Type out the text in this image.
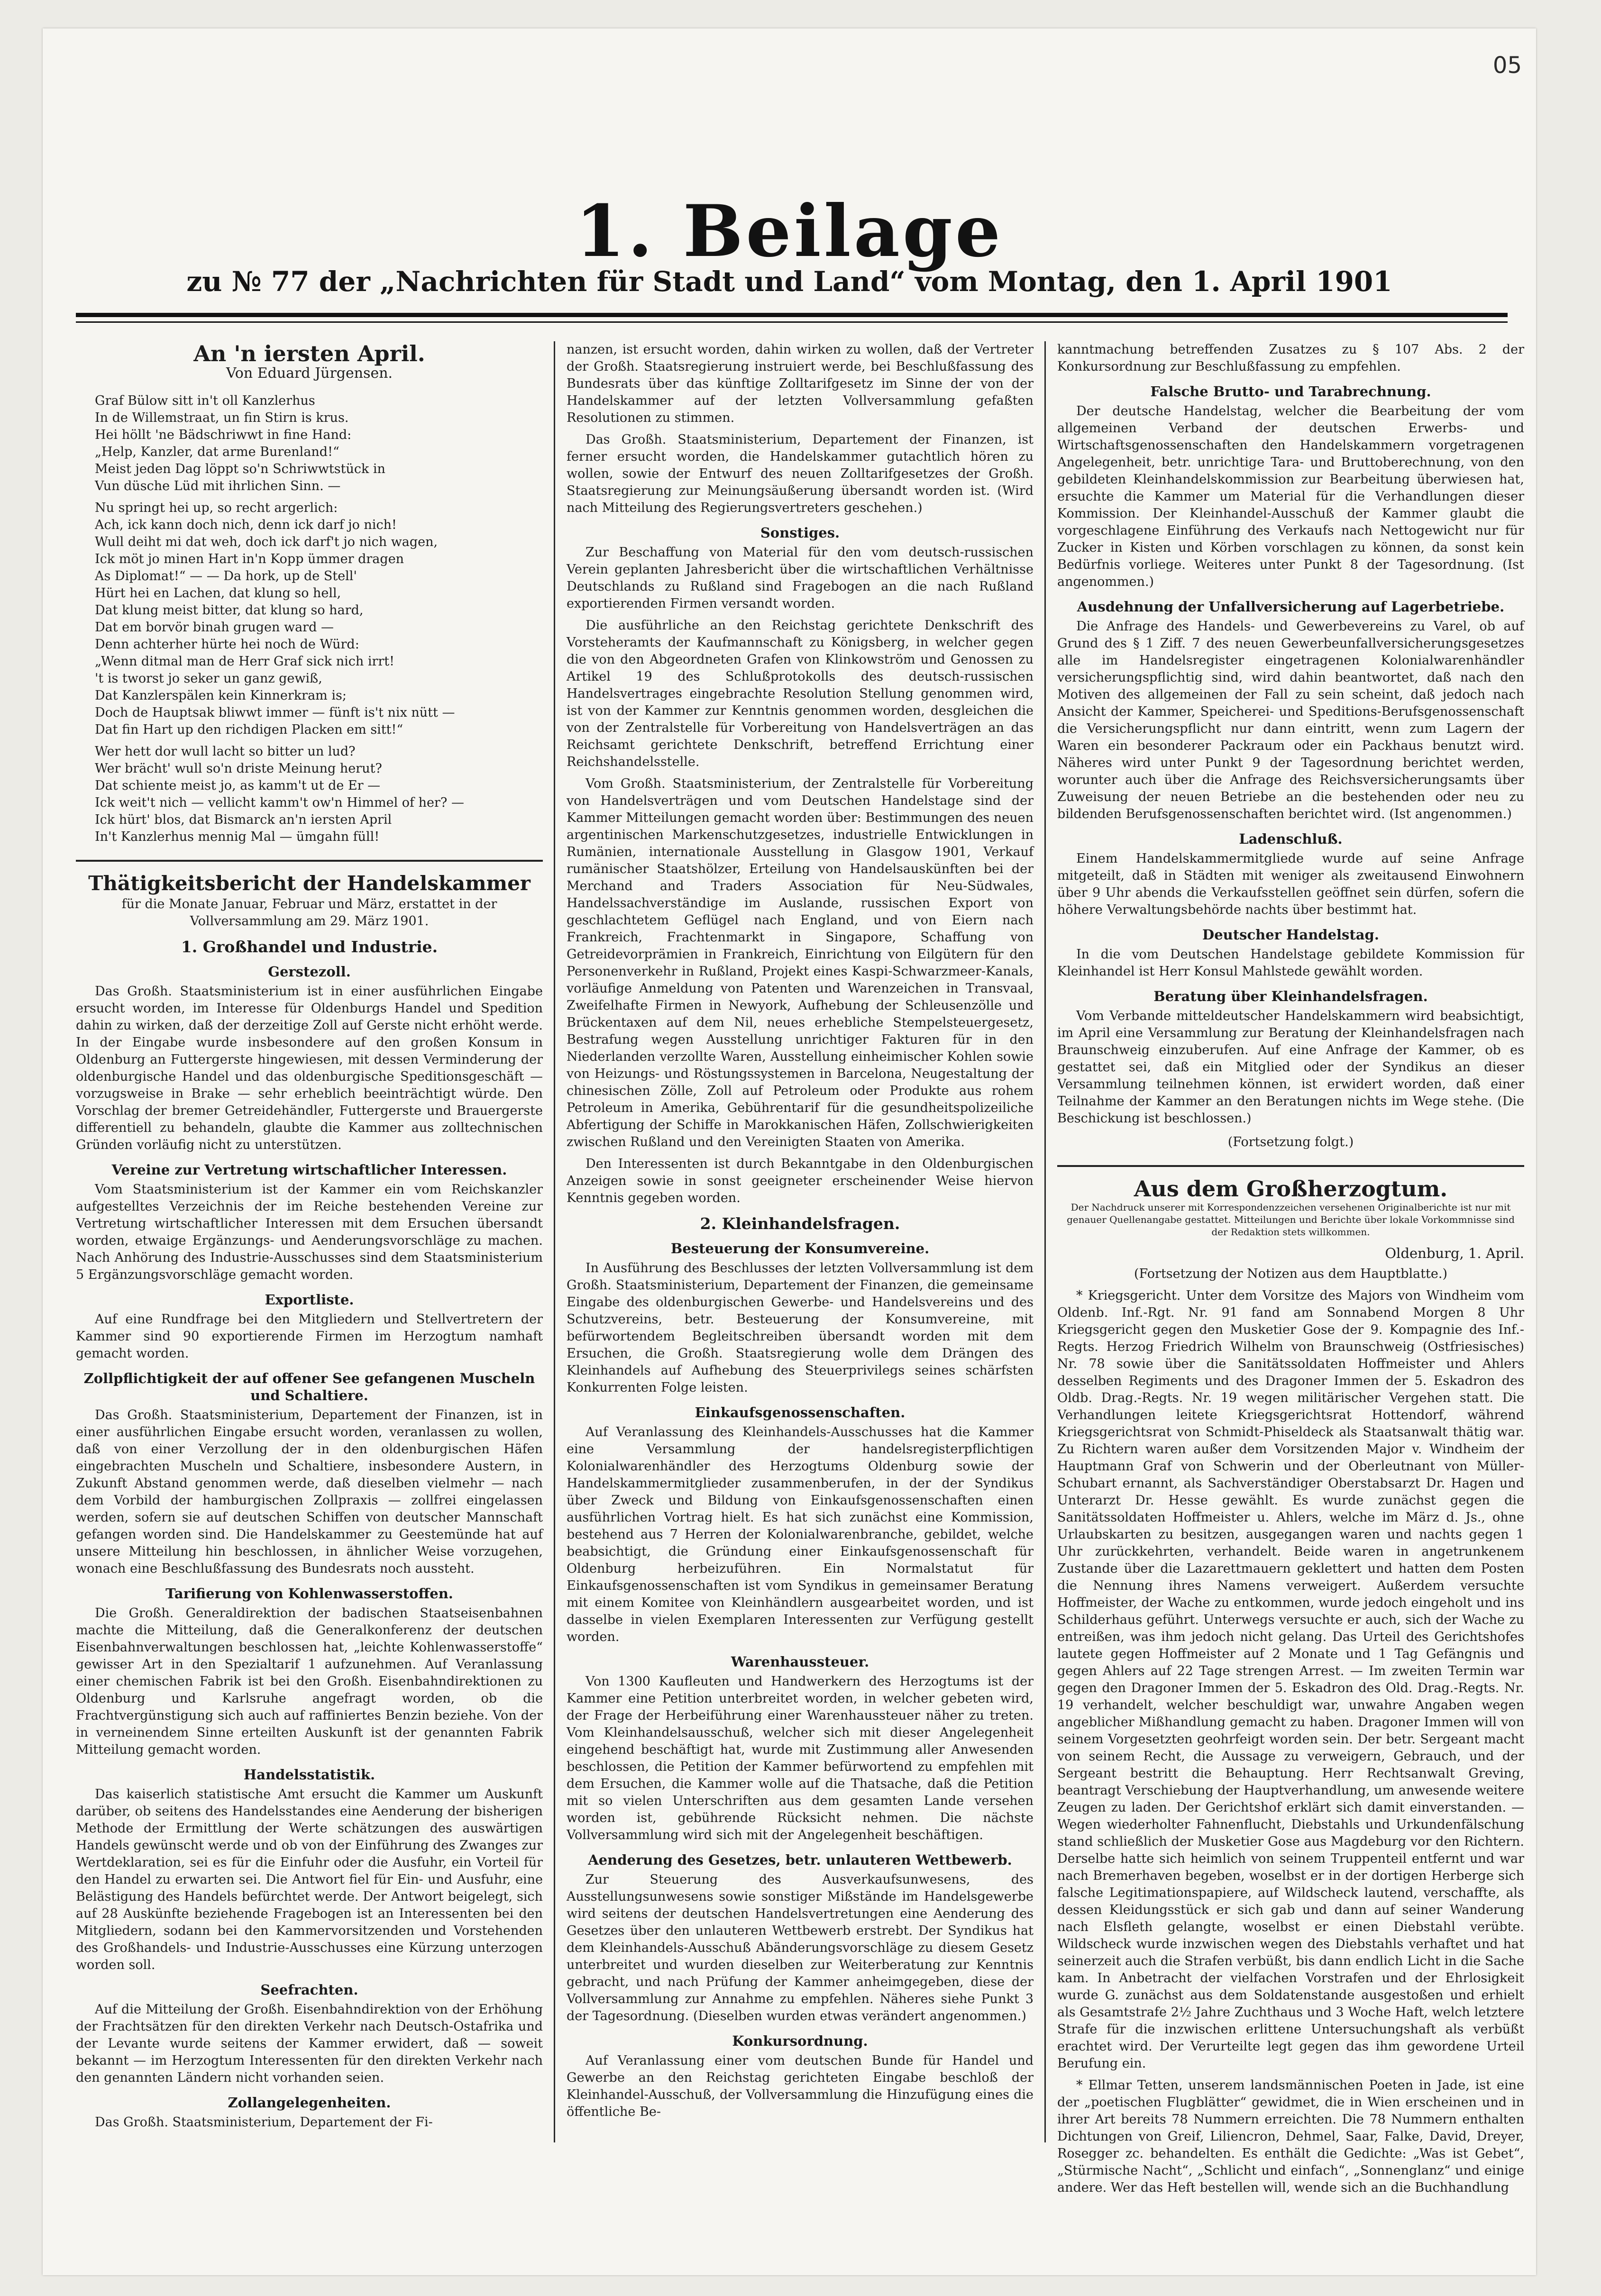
05
1. Beilage
zu № 77 der „Nachrichten für Stadt und Land“ vom Montag, den 1. April 1901
An 'n iersten April.
Von Eduard Jürgensen.

Graf Bülow sitt in't oll Kanzlerhus
In de Willemstraat, un fin Stirn is krus.
Hei höllt 'ne Bädschriwwt in fine Hand:
„Help, Kanzler, dat arme Burenland!“
Meist jeden Dag löppt so'n Schriwwtstück in
Vun düsche Lüd mit ihrlichen Sinn. —

Nu springt hei up, so recht argerlich:
Ach, ick kann doch nich, denn ick darf jo nich!
Wull deiht mi dat weh, doch ick darf't jo nich wagen,
Ick möt jo minen Hart in'n Kopp ümmer dragen
As Diplomat!“ — — Da hork, up de Stell'
Hürt hei en Lachen, dat klung so hell,
Dat klung meist bitter, dat klung so hard,
Dat em borvör binah grugen ward —
Denn achterher hürte hei noch de Würd:
„Wenn ditmal man de Herr Graf sick nich irrt!
't is tworst jo seker un ganz gewiß,
Dat Kanzlerspälen kein Kinnerkram is;
Doch de Hauptsak bliwwt immer — fünft is't nix nütt —
Dat fin Hart up den richdigen Placken em sitt!“

Wer hett dor wull lacht so bitter un lud?
Wer brächt' wull so'n driste Meinung herut?
Dat schiente meist jo, as kamm't ut de Er —
Ick weit't nich — vellicht kamm't ow'n Himmel of her? —
Ick hürt' blos, dat Bismarck an'n iersten April
In't Kanzlerhus mennig Mal — ümgahn füll!

Thätigkeitsbericht der Handelskammer
für die Monate Januar, Februar und März, erstattet in der Vollversammlung am 29. März 1901.
1. Großhandel und Industrie.
Gerstezoll.

Das Großh. Staatsministerium ist in einer ausführlichen Eingabe ersucht worden, im Interesse für Oldenburgs Handel und Spedition dahin zu wirken, daß der derzeitige Zoll auf Gerste nicht erhöht werde. In der Eingabe wurde insbesondere auf den großen Konsum in Oldenburg an Futtergerste hingewiesen, mit dessen Verminderung der oldenburgische Handel und das oldenburgische Speditionsgeschäft — vorzugsweise in Brake — sehr erheblich beeinträchtigt würde. Den Vorschlag der bremer Getreidehändler, Futtergerste und Brauergerste differentiell zu behandeln, glaubte die Kammer aus zolltechnischen Gründen vorläufig nicht zu unterstützen.

Vereine zur Vertretung wirtschaftlicher Interessen.

Vom Staatsministerium ist der Kammer ein vom Reichskanzler aufgestelltes Verzeichnis der im Reiche bestehenden Vereine zur Vertretung wirtschaftlicher Interessen mit dem Ersuchen übersandt worden, etwaige Ergänzungs- und Aenderungsvorschläge zu machen. Nach Anhörung des Industrie-Ausschusses sind dem Staatsministerium 5 Ergänzungsvorschläge gemacht worden.

Exportliste.

Auf eine Rundfrage bei den Mitgliedern und Stellvertretern der Kammer sind 90 exportierende Firmen im Herzogtum namhaft gemacht worden.

Zollpflichtigkeit der auf offener See gefangenen Muscheln und Schaltiere.

Das Großh. Staatsministerium, Departement der Finanzen, ist in einer ausführlichen Eingabe ersucht worden, veranlassen zu wollen, daß von einer Verzollung der in den oldenburgischen Häfen eingebrachten Muscheln und Schaltiere, insbesondere Austern, in Zukunft Abstand genommen werde, daß dieselben vielmehr — nach dem Vorbild der hamburgischen Zollpraxis — zollfrei eingelassen werden, sofern sie auf deutschen Schiffen von deutscher Mannschaft gefangen worden sind. Die Handelskammer zu Geestemünde hat auf unsere Mitteilung hin beschlossen, in ähnlicher Weise vorzugehen, wonach eine Beschlußfassung des Bundesrats noch aussteht.

Tarifierung von Kohlenwasserstoffen.

Die Großh. Generaldirektion der badischen Staatseisenbahnen machte die Mitteilung, daß die Generalkonferenz der deutschen Eisenbahnverwaltungen beschlossen hat, „leichte Kohlenwasserstoffe“ gewisser Art in den Spezialtarif 1 aufzunehmen. Auf Veranlassung einer chemischen Fabrik ist bei den Großh. Eisenbahndirektionen zu Oldenburg und Karlsruhe angefragt worden, ob die Frachtvergünstigung sich auch auf raffiniertes Benzin beziehe. Von der in verneinendem Sinne erteilten Auskunft ist der genannten Fabrik Mitteilung gemacht worden.

Handelsstatistik.

Das kaiserlich statistische Amt ersucht die Kammer um Auskunft darüber, ob seitens des Handelsstandes eine Aenderung der bisherigen Methode der Ermittlung der Werte schätzungen des auswärtigen Handels gewünscht werde und ob von der Einführung des Zwanges zur Wertdeklaration, sei es für die Einfuhr oder die Ausfuhr, ein Vorteil für den Handel zu erwarten sei. Die Antwort fiel für Ein- und Ausfuhr, eine Belästigung des Handels befürchtet werde. Der Antwort beigelegt, sich auf 28 Auskünfte beziehende Fragebogen ist an Interessenten bei den Mitgliedern, sodann bei den Kammervorsitzenden und Vorstehenden des Großhandels- und Industrie-Ausschusses eine Kürzung unterzogen worden soll.

Seefrachten.

Auf die Mitteilung der Großh. Eisenbahndirektion von der Erhöhung der Frachtsätzen für den direkten Verkehr nach Deutsch-Ostafrika und der Levante wurde seitens der Kammer erwidert, daß — soweit bekannt — im Herzogtum Interessenten für den direkten Verkehr nach den genannten Ländern nicht vorhanden seien.

Zollangelegenheiten.

Das Großh. Staatsministerium, Departement der Fi-

nanzen, ist ersucht worden, dahin wirken zu wollen, daß der Vertreter der Großh. Staatsregierung instruiert werde, bei Beschlußfassung des Bundesrats über das künftige Zolltarifgesetz im Sinne der von der Handelskammer auf der letzten Vollversammlung gefaßten Resolutionen zu stimmen.

Das Großh. Staatsministerium, Departement der Finanzen, ist ferner ersucht worden, die Handelskammer gutachtlich hören zu wollen, sowie der Entwurf des neuen Zolltarifgesetzes der Großh. Staatsregierung zur Meinungsäußerung übersandt worden ist. (Wird nach Mitteilung des Regierungsvertreters geschehen.)

Sonstiges.

Zur Beschaffung von Material für den vom deutsch-russischen Verein geplanten Jahresbericht über die wirtschaftlichen Verhältnisse Deutschlands zu Rußland sind Fragebogen an die nach Rußland exportierenden Firmen versandt worden.

Die ausführliche an den Reichstag gerichtete Denkschrift des Vorsteheramts der Kaufmannschaft zu Königsberg, in welcher gegen die von den Abgeordneten Grafen von Klinkowström und Genossen zu Artikel 19 des Schlußprotokolls des deutsch-russischen Handelsvertrages eingebrachte Resolution Stellung genommen wird, ist von der Kammer zur Kenntnis genommen worden, desgleichen die von der Zentralstelle für Vorbereitung von Handelsverträgen an das Reichsamt gerichtete Denkschrift, betreffend Errichtung einer Reichshandelsstelle.

Vom Großh. Staatsministerium, der Zentralstelle für Vorbereitung von Handelsverträgen und vom Deutschen Handelstage sind der Kammer Mitteilungen gemacht worden über: Bestimmungen des neuen argentinischen Markenschutzgesetzes, industrielle Entwicklungen in Rumänien, internationale Ausstellung in Glasgow 1901, Verkauf rumänischer Staatshölzer, Erteilung von Handelsauskünften bei der Merchand and Traders Association für Neu-Südwales, Handelssachverständige im Auslande, russischen Export von geschlachtetem Geflügel nach England, und von Eiern nach Frankreich, Frachtenmarkt in Singapore, Schaffung von Getreidevorprämien in Frankreich, Einrichtung von Eilgütern für den Personenverkehr in Rußland, Projekt eines Kaspi-Schwarzmeer-Kanals, vorläufige Anmeldung von Patenten und Warenzeichen in Transvaal, Zweifelhafte Firmen in Newyork, Aufhebung der Schleusenzölle und Brückentaxen auf dem Nil, neues erhebliche Stempelsteuergesetz, Bestrafung wegen Ausstellung unrichtiger Fakturen für in den Niederlanden verzollte Waren, Ausstellung einheimischer Kohlen sowie von Heizungs- und Röstungssystemen in Barcelona, Neugestaltung der chinesischen Zölle, Zoll auf Petroleum oder Produkte aus rohem Petroleum in Amerika, Gebührentarif für die gesundheitspolizeiliche Abfertigung der Schiffe in Marokkanischen Häfen, Zollschwierigkeiten zwischen Rußland und den Vereinigten Staaten von Amerika.

Den Interessenten ist durch Bekanntgabe in den Oldenburgischen Anzeigen sowie in sonst geeigneter erscheinender Weise hiervon Kenntnis gegeben worden.

2. Kleinhandelsfragen.
Besteuerung der Konsumvereine.

In Ausführung des Beschlusses der letzten Vollversammlung ist dem Großh. Staatsministerium, Departement der Finanzen, die gemeinsame Eingabe des oldenburgischen Gewerbe- und Handelsvereins und des Schutzvereins, betr. Besteuerung der Konsumvereine, mit befürwortendem Begleitschreiben übersandt worden mit dem Ersuchen, die Großh. Staatsregierung wolle dem Drängen des Kleinhandels auf Aufhebung des Steuerprivilegs seines schärfsten Konkurrenten Folge leisten.

Einkaufsgenossenschaften.

Auf Veranlassung des Kleinhandels-Ausschusses hat die Kammer eine Versammlung der handelsregisterpflichtigen Kolonialwarenhändler des Herzogtums Oldenburg sowie der Handelskammermitglieder zusammenberufen, in der der Syndikus über Zweck und Bildung von Einkaufsgenossenschaften einen ausführlichen Vortrag hielt. Es hat sich zunächst eine Kommission, bestehend aus 7 Herren der Kolonialwarenbranche, gebildet, welche beabsichtigt, die Gründung einer Einkaufsgenossenschaft für Oldenburg herbeizuführen. Ein Normalstatut für Einkaufsgenossenschaften ist vom Syndikus in gemeinsamer Beratung mit einem Komitee von Kleinhändlern ausgearbeitet worden, und ist dasselbe in vielen Exemplaren Interessenten zur Verfügung gestellt worden.

Warenhaussteuer.

Von 1300 Kaufleuten und Handwerkern des Herzogtums ist der Kammer eine Petition unterbreitet worden, in welcher gebeten wird, der Frage der Herbeiführung einer Warenhaussteuer näher zu treten. Vom Kleinhandelsausschuß, welcher sich mit dieser Angelegenheit eingehend beschäftigt hat, wurde mit Zustimmung aller Anwesenden beschlossen, die Petition der Kammer befürwortend zu empfehlen mit dem Ersuchen, die Kammer wolle auf die Thatsache, daß die Petition mit so vielen Unterschriften aus dem gesamten Lande versehen worden ist, gebührende Rücksicht nehmen. Die nächste Vollversammlung wird sich mit der Angelegenheit beschäftigen.

Aenderung des Gesetzes, betr. unlauteren Wettbewerb.

Zur Steuerung des Ausverkaufsunwesens, des Ausstellungsunwesens sowie sonstiger Mißstände im Handelsgewerbe wird seitens der deutschen Handelsvertretungen eine Aenderung des Gesetzes über den unlauteren Wettbewerb erstrebt. Der Syndikus hat dem Kleinhandels-Ausschuß Abänderungsvorschläge zu diesem Gesetz unterbreitet und wurden dieselben zur Weiterberatung zur Kenntnis gebracht, und nach Prüfung der Kammer anheimgegeben, diese der Vollversammlung zur Annahme zu empfehlen. Näheres siehe Punkt 3 der Tagesordnung. (Dieselben wurden etwas verändert angenommen.)

Konkursordnung.

Auf Veranlassung einer vom deutschen Bunde für Handel und Gewerbe an den Reichstag gerichteten Eingabe beschloß der Kleinhandel-Ausschuß, der Vollversammlung die Hinzufügung eines die öffentliche Be-

kanntmachung betreffenden Zusatzes zu § 107 Abs. 2 der Konkursordnung zur Beschlußfassung zu empfehlen.

Falsche Brutto- und Tarabrechnung.

Der deutsche Handelstag, welcher die Bearbeitung der vom allgemeinen Verband der deutschen Erwerbs- und Wirtschaftsgenossenschaften den Handelskammern vorgetragenen Angelegenheit, betr. unrichtige Tara- und Bruttoberechnung, von den gebildeten Kleinhandelskommission zur Bearbeitung überwiesen hat, ersuchte die Kammer um Material für die Verhandlungen dieser Kommission. Der Kleinhandel-Ausschuß der Kammer glaubt die vorgeschlagene Einführung des Verkaufs nach Nettogewicht nur für Zucker in Kisten und Körben vorschlagen zu können, da sonst kein Bedürfnis vorliege. Weiteres unter Punkt 8 der Tagesordnung. (Ist angenommen.)

Ausdehnung der Unfallversicherung auf Lagerbetriebe.

Die Anfrage des Handels- und Gewerbevereins zu Varel, ob auf Grund des § 1 Ziff. 7 des neuen Gewerbeunfallversicherungsgesetzes alle im Handelsregister eingetragenen Kolonialwarenhändler versicherungspflichtig sind, wird dahin beantwortet, daß nach den Motiven des allgemeinen der Fall zu sein scheint, daß jedoch nach Ansicht der Kammer, Speicherei- und Speditions-Berufsgenossenschaft die Versicherungspflicht nur dann eintritt, wenn zum Lagern der Waren ein besonderer Packraum oder ein Packhaus benutzt wird. Näheres wird unter Punkt 9 der Tagesordnung berichtet werden, worunter auch über die Anfrage des Reichsversicherungsamts über Zuweisung der neuen Betriebe an die bestehenden oder neu zu bildenden Berufsgenossenschaften berichtet wird. (Ist angenommen.)

Ladenschluß.

Einem Handelskammermitgliede wurde auf seine Anfrage mitgeteilt, daß in Städten mit weniger als zweitausend Einwohnern über 9 Uhr abends die Verkaufsstellen geöffnet sein dürfen, sofern die höhere Verwaltungsbehörde nachts über bestimmt hat.

Deutscher Handelstag.

In die vom Deutschen Handelstage gebildete Kommission für Kleinhandel ist Herr Konsul Mahlstede gewählt worden.

Beratung über Kleinhandelsfragen.

Vom Verbande mitteldeutscher Handelskammern wird beabsichtigt, im April eine Versammlung zur Beratung der Kleinhandelsfragen nach Braunschweig einzuberufen. Auf eine Anfrage der Kammer, ob es gestattet sei, daß ein Mitglied oder der Syndikus an dieser Versammlung teilnehmen können, ist erwidert worden, daß einer Teilnahme der Kammer an den Beratungen nichts im Wege stehe. (Die Beschickung ist beschlossen.)

(Fortsetzung folgt.)
Aus dem Großherzogtum.
Der Nachdruck unserer mit Korrespondenzzeichen versehenen Originalberichte ist nur mit genauer Quellenangabe gestattet. Mitteilungen und Berichte über lokale Vorkommnisse sind der Redaktion stets willkommen.
Oldenburg, 1. April.

(Fortsetzung der Notizen aus dem Hauptblatte.)

* Kriegsgericht. Unter dem Vorsitze des Majors von Windheim vom Oldenb. Inf.-Rgt. Nr. 91 fand am Sonnabend Morgen 8 Uhr Kriegsgericht gegen den Musketier Gose der 9. Kompagnie des Inf.-Regts. Herzog Friedrich Wilhelm von Braunschweig (Ostfriesisches) Nr. 78 sowie über die Sanitätssoldaten Hoffmeister und Ahlers desselben Regiments und des Dragoner Immen der 5. Eskadron des Oldb. Drag.-Regts. Nr. 19 wegen militärischer Vergehen statt. Die Verhandlungen leitete Kriegsgerichtsrat Hottendorf, während Kriegsgerichtsrat von Schmidt-Phiseldeck als Staatsanwalt thätig war. Zu Richtern waren außer dem Vorsitzenden Major v. Windheim der Hauptmann Graf von Schwerin und der Oberleutnant von Müller-Schubart ernannt, als Sachverständiger Oberstabsarzt Dr. Hagen und Unterarzt Dr. Hesse gewählt. Es wurde zunächst gegen die Sanitätssoldaten Hoffmeister u. Ahlers, welche im März d. Js., ohne Urlaubskarten zu besitzen, ausgegangen waren und nachts gegen 1 Uhr zurückkehrten, verhandelt. Beide waren in angetrunkenem Zustande über die Lazarettmauern geklettert und hatten dem Posten die Nennung ihres Namens verweigert. Außerdem versuchte Hoffmeister, der Wache zu entkommen, wurde jedoch eingeholt und ins Schilderhaus geführt. Unterwegs versuchte er auch, sich der Wache zu entreißen, was ihm jedoch nicht gelang. Das Urteil des Gerichtshofes lautete gegen Hoffmeister auf 2 Monate und 1 Tag Gefängnis und gegen Ahlers auf 22 Tage strengen Arrest. — Im zweiten Termin war gegen den Dragoner Immen der 5. Eskadron des Old. Drag.-Regts. Nr. 19 verhandelt, welcher beschuldigt war, unwahre Angaben wegen angeblicher Mißhandlung gemacht zu haben. Dragoner Immen will von seinem Vorgesetzten geohrfeigt worden sein. Der betr. Sergeant macht von seinem Recht, die Aussage zu verweigern, Gebrauch, und der Sergeant bestritt die Behauptung. Herr Rechtsanwalt Greving, beantragt Verschiebung der Hauptverhandlung, um anwesende weitere Zeugen zu laden. Der Gerichtshof erklärt sich damit einverstanden. — Wegen wiederholter Fahnenflucht, Diebstahls und Urkundenfälschung stand schließlich der Musketier Gose aus Magdeburg vor den Richtern. Derselbe hatte sich heimlich von seinem Truppenteil entfernt und war nach Bremerhaven begeben, woselbst er in der dortigen Herberge sich falsche Legitimationspapiere, auf Wildscheck lautend, verschaffte, als dessen Kleidungsstück er sich gab und dann auf seiner Wanderung nach Elsfleth gelangte, woselbst er einen Diebstahl verübte. Wildscheck wurde inzwischen wegen des Diebstahls verhaftet und hat seinerzeit auch die Strafen verbüßt, bis dann endlich Licht in die Sache kam. In Anbetracht der vielfachen Vorstrafen und der Ehrlosigkeit wurde G. zunächst aus dem Soldatenstande ausgestoßen und erhielt als Gesamtstrafe 2½ Jahre Zuchthaus und 3 Woche Haft, welch letztere Strafe für die inzwischen erlittene Untersuchungshaft als verbüßt erachtet wird. Der Verurteilte legt gegen das ihm gewordene Urteil Berufung ein.

* Ellmar Tetten, unserem landsmännischen Poeten in Jade, ist eine der „poetischen Flugblätter“ gewidmet, die in Wien erscheinen und in ihrer Art bereits 78 Nummern erreichten. Die 78 Nummern enthalten Dichtungen von Greif, Liliencron, Dehmel, Saar, Falke, David, Dreyer, Rosegger zc. behandelten. Es enthält die Gedichte: „Was ist Gebet“, „Stürmische Nacht“, „Schlicht und einfach“, „Sonnenglanz“ und einige andere. Wer das Heft bestellen will, wende sich an die Buchhandlung
